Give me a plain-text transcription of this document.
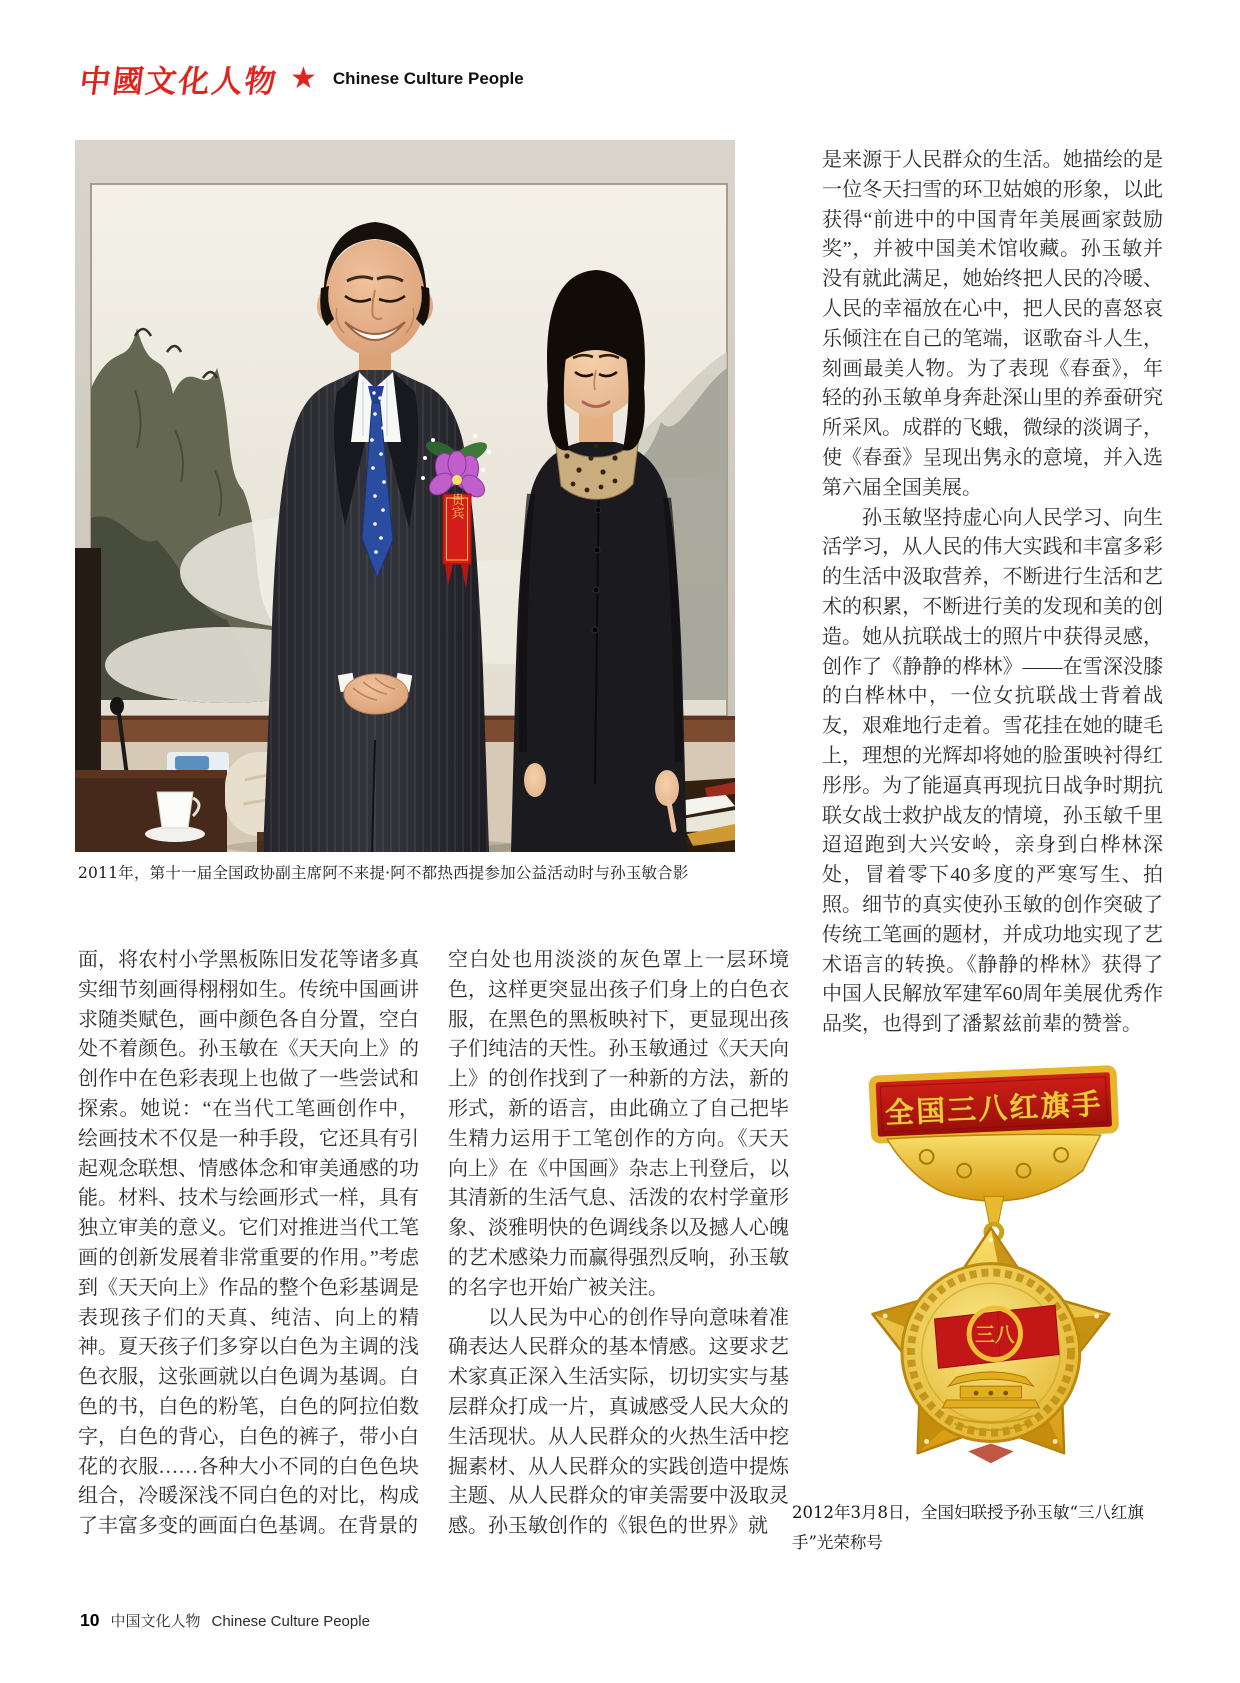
中國文化人物 ★ Chinese Culture People
贵宾
2011年，第十一届全国政协副主席阿不来提·阿不都热西提参加公益活动时与孙玉敏合影

面，将农村小学黑板陈旧发花等诸多真实细节刻画得栩栩如生。传统中国画讲求随类赋色，画中颜色各自分置，空白处不着颜色。孙玉敏在《天天向上》的创作中在色彩表现上也做了一些尝试和探索。她说：“在当代工笔画创作中，绘画技术不仅是一种手段，它还具有引起观念联想、情感体念和审美通感的功能。材料、技术与绘画形式一样，具有独立审美的意义。它们对推进当代工笔画的创新发展着非常重要的作用。”考虑到《天天向上》作品的整个色彩基调是表现孩子们的天真、纯洁、向上的精神。夏天孩子们多穿以白色为主调的浅色衣服，这张画就以白色调为基调。白色的书，白色的粉笔，白色的阿拉伯数字，白色的背心，白色的裤子，带小白花的衣服……各种大小不同的白色色块组合，冷暖深浅不同白色的对比，构成了丰富多变的画面白色基调。在背景的

空白处也用淡淡的灰色罩上一层环境色，这样更突显出孩子们身上的白色衣服，在黑色的黑板映衬下，更显现出孩子们纯洁的天性。孙玉敏通过《天天向上》的创作找到了一种新的方法，新的形式，新的语言，由此确立了自己把毕生精力运用于工笔创作的方向。《天天向上》在《中国画》杂志上刊登后，以其清新的生活气息、活泼的农村学童形象、淡雅明快的色调线条以及撼人心魄的艺术感染力而赢得强烈反响，孙玉敏的名字也开始广被关注。

以人民为中心的创作导向意味着准确表达人民群众的基本情感。这要求艺术家真正深入生活实际，切切实实与基层群众打成一片，真诚感受人民大众的生活现状。从人民群众的火热生活中挖掘素材、从人民群众的实践创造中提炼主题、从人民群众的审美需要中汲取灵感。孙玉敏创作的《银色的世界》就

是来源于人民群众的生活。她描绘的是一位冬天扫雪的环卫姑娘的形象，以此获得“前进中的中国青年美展画家鼓励奖”，并被中国美术馆收藏。孙玉敏并没有就此满足，她始终把人民的冷暖、人民的幸福放在心中，把人民的喜怒哀乐倾注在自己的笔端，讴歌奋斗人生，刻画最美人物。为了表现《春蚕》，年轻的孙玉敏单身奔赴深山里的养蚕研究所采风。成群的飞蛾，微绿的淡调子，使《春蚕》呈现出隽永的意境，并入选第六届全国美展。

孙玉敏坚持虚心向人民学习、向生活学习，从人民的伟大实践和丰富多彩的生活中汲取营养，不断进行生活和艺术的积累，不断进行美的发现和美的创造。她从抗联战士的照片中获得灵感，创作了《静静的桦林》——在雪深没膝的白桦林中，一位女抗联战士背着战友，艰难地行走着。雪花挂在她的睫毛上，理想的光辉却将她的脸蛋映衬得红彤彤。为了能逼真再现抗日战争时期抗联女战士救护战友的情境，孙玉敏千里迢迢跑到大兴安岭，亲身到白桦林深处，冒着零下40多度的严寒写生、拍照。细节的真实使孙玉敏的创作突破了传统工笔画的题材，并成功地实现了艺术语言的转换。《静静的桦林》获得了中国人民解放军建军60周年美展优秀作品奖，也得到了潘絜兹前辈的赞誉。

全国三八红旗手
三八
2012年3月8日，全国妇联授予孙玉敏“三八红旗手”光荣称号
10 中国文化人物 Chinese Culture People
